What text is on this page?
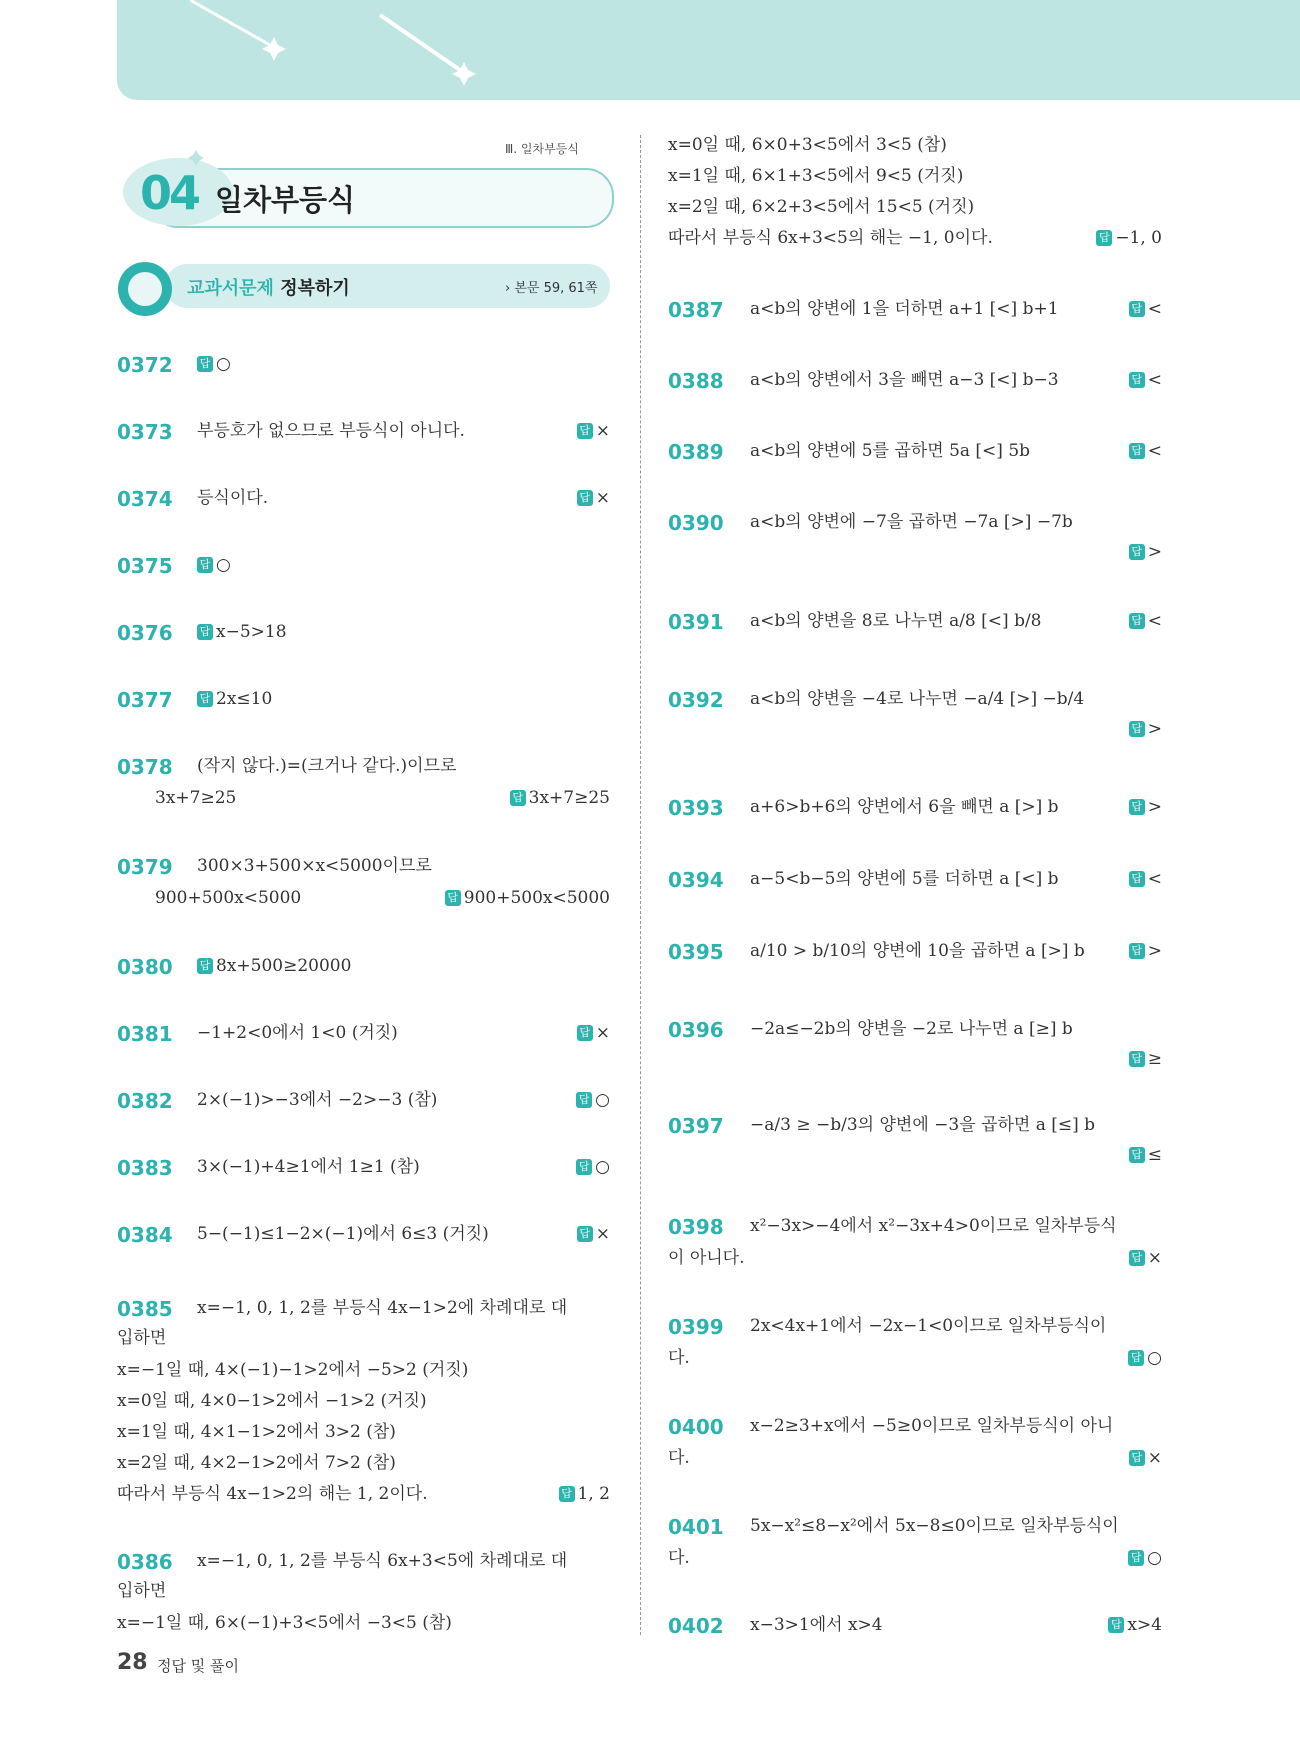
Ⅲ. 일차부등식
04 일차부등식
교과서문제 정복하기	› 본문 59, 61쪽
28 정답 및 풀이
0372 답 ○
0373 부등호가 없으므로 부등식이 아니다.	답 ×
0374 등식이다.	답 ×
0375 답 ○
0376 답 x−5>18
0377 답 2x≤10
0378 (작지 않다.)=(크거나 같다.)이므로
3x+7≥25	답 3x+7≥25
0379 300×3+500×x<5000이므로
900+500x<5000	답 900+500x<5000
0380 답 8x+500≥20000
0381 −1+2<0에서 1<0 (거짓)	답 ×
0382 2×(−1)>−3에서 −2>−3 (참)	답 ○
0383 3×(−1)+4≥1에서 1≥1 (참)	답 ○
0384 5−(−1)≤1−2×(−1)에서 6≤3 (거짓)	답 ×
0385 x=−1, 0, 1, 2를 부등식 4x−1>2에 차례대로 대
입하면
x=−1일 때, 4×(−1)−1>2에서 −5>2 (거짓)
x=0일 때, 4×0−1>2에서 −1>2 (거짓)
x=1일 때, 4×1−1>2에서 3>2 (참)
x=2일 때, 4×2−1>2에서 7>2 (참)
따라서 부등식 4x−1>2의 해는 1, 2이다.	답 1, 2
0386 x=−1, 0, 1, 2를 부등식 6x+3<5에 차례대로 대
입하면
x=−1일 때, 6×(−1)+3<5에서 −3<5 (참)
x=0일 때, 6×0+3<5에서 3<5 (참)
x=1일 때, 6×1+3<5에서 9<5 (거짓)
x=2일 때, 6×2+3<5에서 15<5 (거짓)
따라서 부등식 6x+3<5의 해는 −1, 0이다.	답 −1, 0
0387 a<b의 양변에 1을 더하면 a+1 [<] b+1	답 <
0388 a<b의 양변에서 3을 빼면 a−3 [<] b−3	답 <
0389 a<b의 양변에 5를 곱하면 5a [<] 5b	답 <
0390 a<b의 양변에 −7을 곱하면 −7a [>] −7b
답 >
0391 a<b의 양변을 8로 나누면 a/8 [<] b/8	답 <
0392 a<b의 양변을 −4로 나누면 −a/4 [>] −b/4
답 >
0393 a+6>b+6의 양변에서 6을 빼면 a [>] b	답 >
0394 a−5<b−5의 양변에 5를 더하면 a [<] b	답 <
0395 a/10 > b/10의 양변에 10을 곱하면 a [>] b	답 >
0396 −2a≤−2b의 양변을 −2로 나누면 a [≥] b
답 ≥
0397 −a/3 ≥ −b/3의 양변에 −3을 곱하면 a [≤] b
답 ≤
0398 x²−3x>−4에서 x²−3x+4>0이므로 일차부등식
이 아니다.	답 ×
0399 2x<4x+1에서 −2x−1<0이므로 일차부등식이
다.	답 ○
0400 x−2≥3+x에서 −5≥0이므로 일차부등식이 아니
다.	답 ×
0401 5x−x²≤8−x²에서 5x−8≤0이므로 일차부등식이
다.	답 ○
0402 x−3>1에서 x>4	답 x>4
